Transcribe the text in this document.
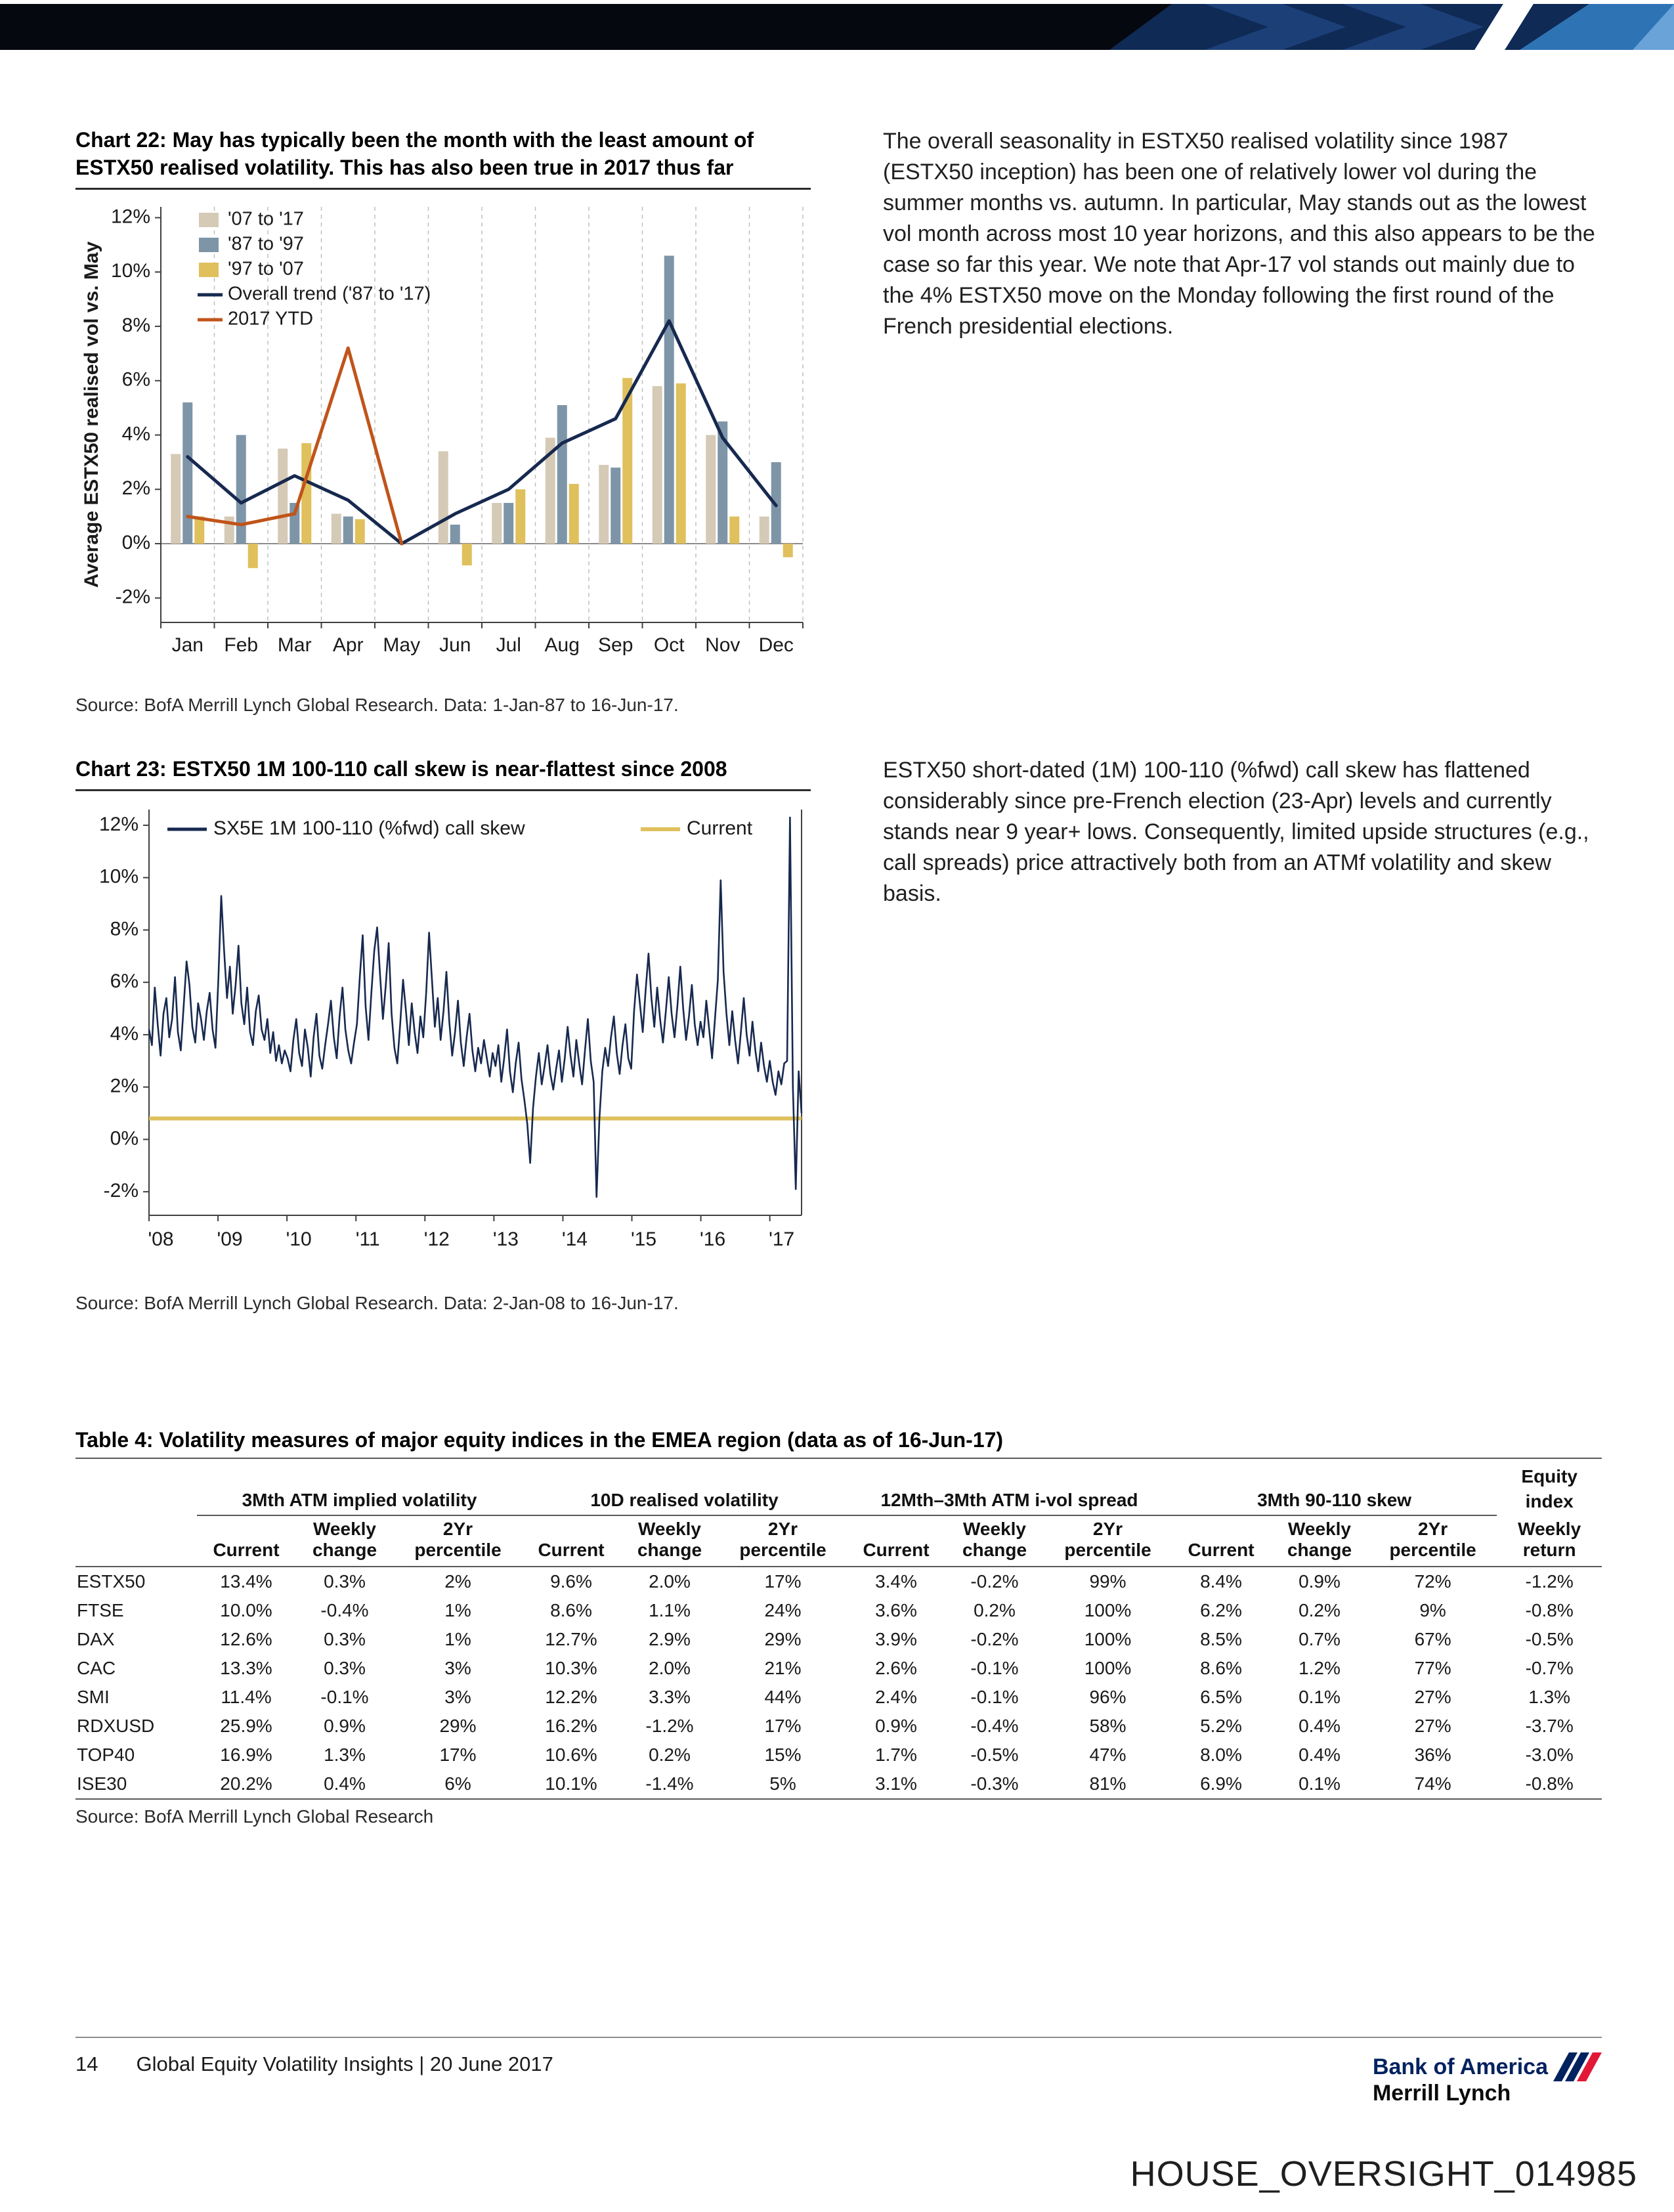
Chart 22: May has typically been the month with the least amount of ESTX50 realised volatility. This has also been true in 2017 thus far
-2%
0%
2%
4%
6%
8%
10%
12%
Jan Feb Mar Apr May Jun Jul Aug Sep Oct Nov Dec
Average ESTX50 realised vol vs. May
'07 to '17
'87 to '97
'97 to '07
Overall trend ('87 to '17)
2017 YTD
Source: BofA Merrill Lynch Global Research. Data: 1-Jan-87 to 16-Jun-17.

The overall seasonality in ESTX50 realised volatility since 1987 (ESTX50 inception) has been one of relatively lower vol during the summer months vs. autumn. In particular, May stands out as the lowest vol month across most 10 year horizons, and this also appears to be the case so far this year. We note that Apr-17 vol stands out mainly due to the 4% ESTX50 move on the Monday following the first round of the French presidential elections.

Chart 23: ESTX50 1M 100-110 call skew is near-flattest since 2008
-2%
0%
2%
4%
6%
8%
10%
12%
'08 '09 '10 '11 '12 '13 '14 '15 '16 '17
SX5E 1M 100-110 (%fwd) call skew	Current
Source: BofA Merrill Lynch Global Research. Data: 2-Jan-08 to 16-Jun-17.

ESTX50 short-dated (1M) 100-110 (%fwd) call skew has flattened considerably since pre-French election (23-Apr) levels and currently stands near 9 year+ lows. Consequently, limited upside structures (e.g., call spreads) price attractively both from an ATMf volatility and skew basis.

Table 4: Volatility measures of major equity indices in the EMEA region (data as of 16-Jun-17)
													Equity
	3Mth ATM implied volatility			10D realised volatility			12Mth–3Mth ATM i-vol spread			3Mth 90-110 skew			index
	Current	Weekly change	2Yr percentile	Current	Weekly change	2Yr percentile	Current	Weekly change	2Yr percentile	Current	Weekly change	2Yr percentile	Weekly return
ESTX50	13.4%	0.3%	2%	9.6%	2.0%	17%	3.4%	-0.2%	99%	8.4%	0.9%	72%	-1.2%
FTSE	10.0%	-0.4%	1%	8.6%	1.1%	24%	3.6%	0.2%	100%	6.2%	0.2%	9%	-0.8%
DAX	12.6%	0.3%	1%	12.7%	2.9%	29%	3.9%	-0.2%	100%	8.5%	0.7%	67%	-0.5%
CAC	13.3%	0.3%	3%	10.3%	2.0%	21%	2.6%	-0.1%	100%	8.6%	1.2%	77%	-0.7%
SMI	11.4%	-0.1%	3%	12.2%	3.3%	44%	2.4%	-0.1%	96%	6.5%	0.1%	27%	1.3%
RDXUSD	25.9%	0.9%	29%	16.2%	-1.2%	17%	0.9%	-0.4%	58%	5.2%	0.4%	27%	-3.7%
TOP40	16.9%	1.3%	17%	10.6%	0.2%	15%	1.7%	-0.5%	47%	8.0%	0.4%	36%	-3.0%
ISE30	20.2%	0.4%	6%	10.1%	-1.4%	5%	3.1%	-0.3%	81%	6.9%	0.1%	74%	-0.8%
Source: BofA Merrill Lynch Global Research
14 Global Equity Volatility Insights | 20 June 2017	Bank of America
Merrill Lynch
HOUSE_OVERSIGHT_014985
